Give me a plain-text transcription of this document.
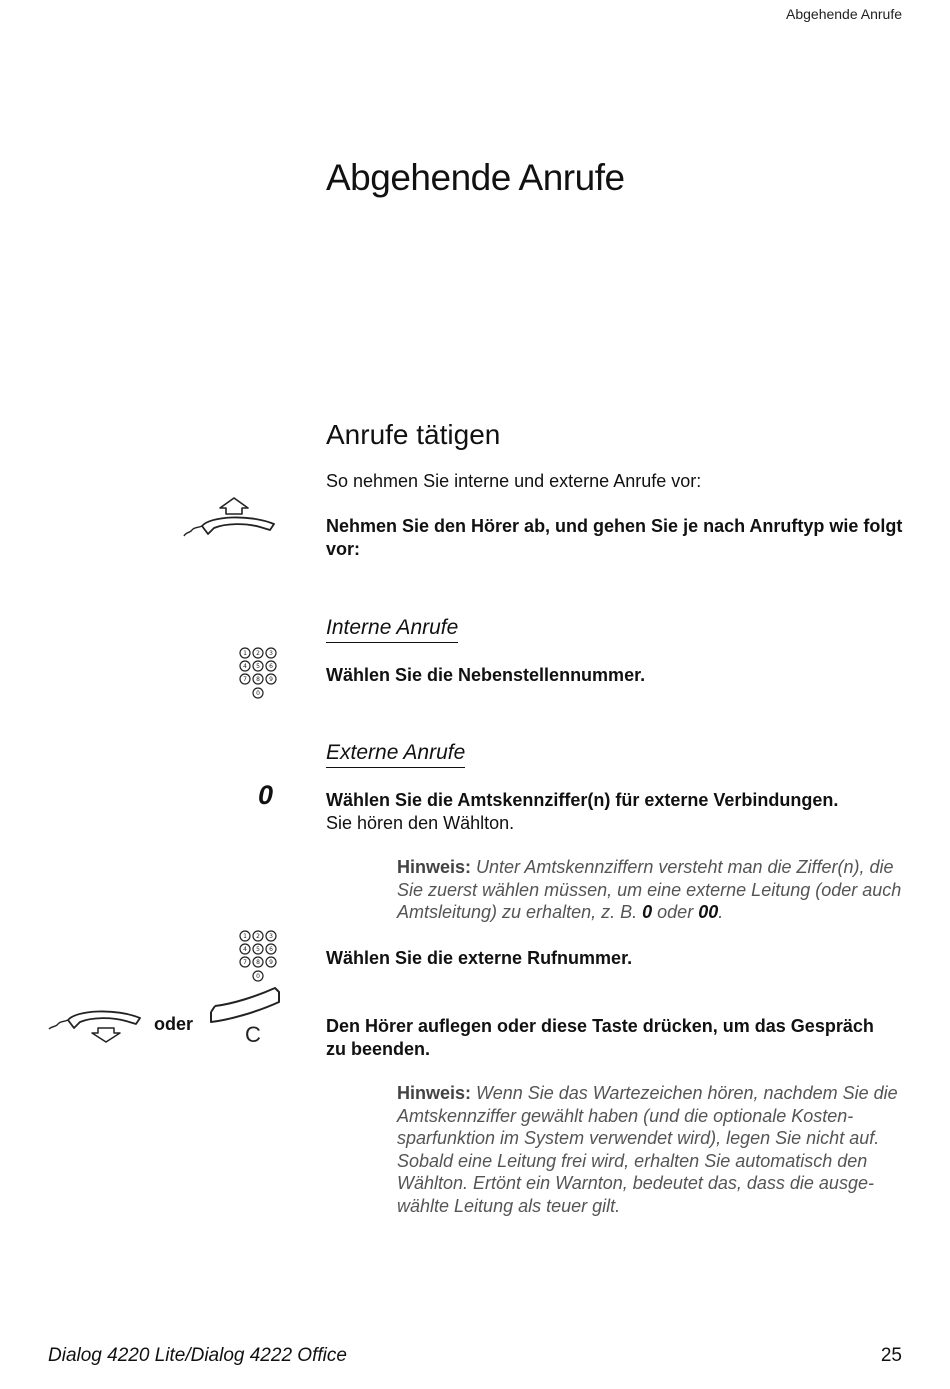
Abgehende Anrufe
Abgehende Anrufe
Anrufe tätigen
So nehmen Sie interne und externe Anrufe vor:
Nehmen Sie den Hörer ab, und gehen Sie je nach Anruftyp wie folgt vor:
Interne Anrufe
1 2 3
4 5 6
7 8 9
0
Wählen Sie die Nebenstellennummer.
Externe Anrufe
0	Wählen Sie die Amtskennziffer(n) für externe Verbindungen.
Sie hören den Wählton.
Hinweis: Unter Amtskennziffern versteht man die Ziffer(n), die Sie zuerst wählen müssen, um eine externe Leitung (oder auch Amtsleitung) zu erhalten, z. B. 0 oder 00.
1 2 3
4 5 6
7 8 9
0
Wählen Sie die externe Rufnummer.
oder C	Den Hörer auflegen oder diese Taste drücken, um das Gespräch zu beenden.
Hinweis: Wenn Sie das Wartezeichen hören, nachdem Sie die Amtskennziffer gewählt haben (und die optionale Kosten-sparfunktion im System verwendet wird), legen Sie nicht auf. Sobald eine Leitung frei wird, erhalten Sie automatisch den Wählton. Ertönt ein Warnton, bedeutet das, dass die ausge-wählte Leitung als teuer gilt.
Dialog 4220 Lite/Dialog 4222 Office	25
